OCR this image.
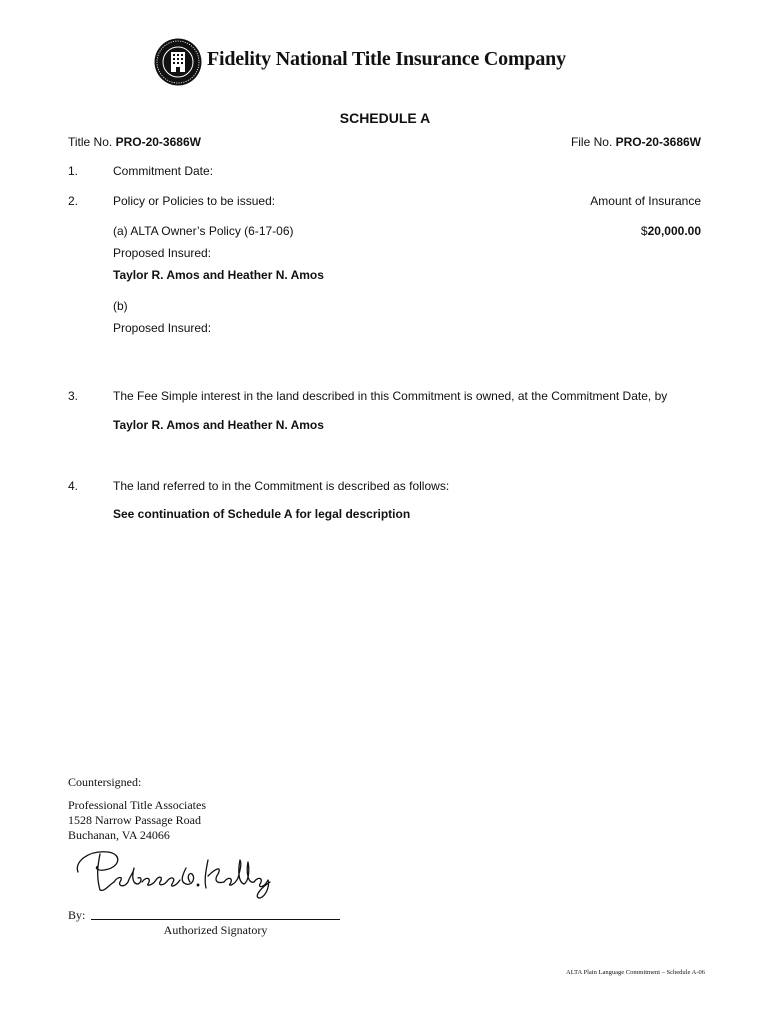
Fidelity National Title Insurance Company
SCHEDULE A
Title No. PRO-20-3686W	File No. PRO-20-3686W
1.	Commitment Date:
2.	Policy or Policies to be issued:	Amount of Insurance
(a) ALTA Owner’s Policy (6-17-06)	$20,000.00
Proposed Insured:
Taylor R. Amos and Heather N. Amos
(b)
Proposed Insured:
3.	The Fee Simple interest in the land described in this Commitment is owned, at the Commitment Date, by
Taylor R. Amos and Heather N. Amos
4.	The land referred to in the Commitment is described as follows:
See continuation of Schedule A for legal description
Countersigned:
Professional Title Associates
1528 Narrow Passage Road
Buchanan, VA 24066
By:
Authorized Signatory
ALTA Plain Language Commitment – Schedule A-06
